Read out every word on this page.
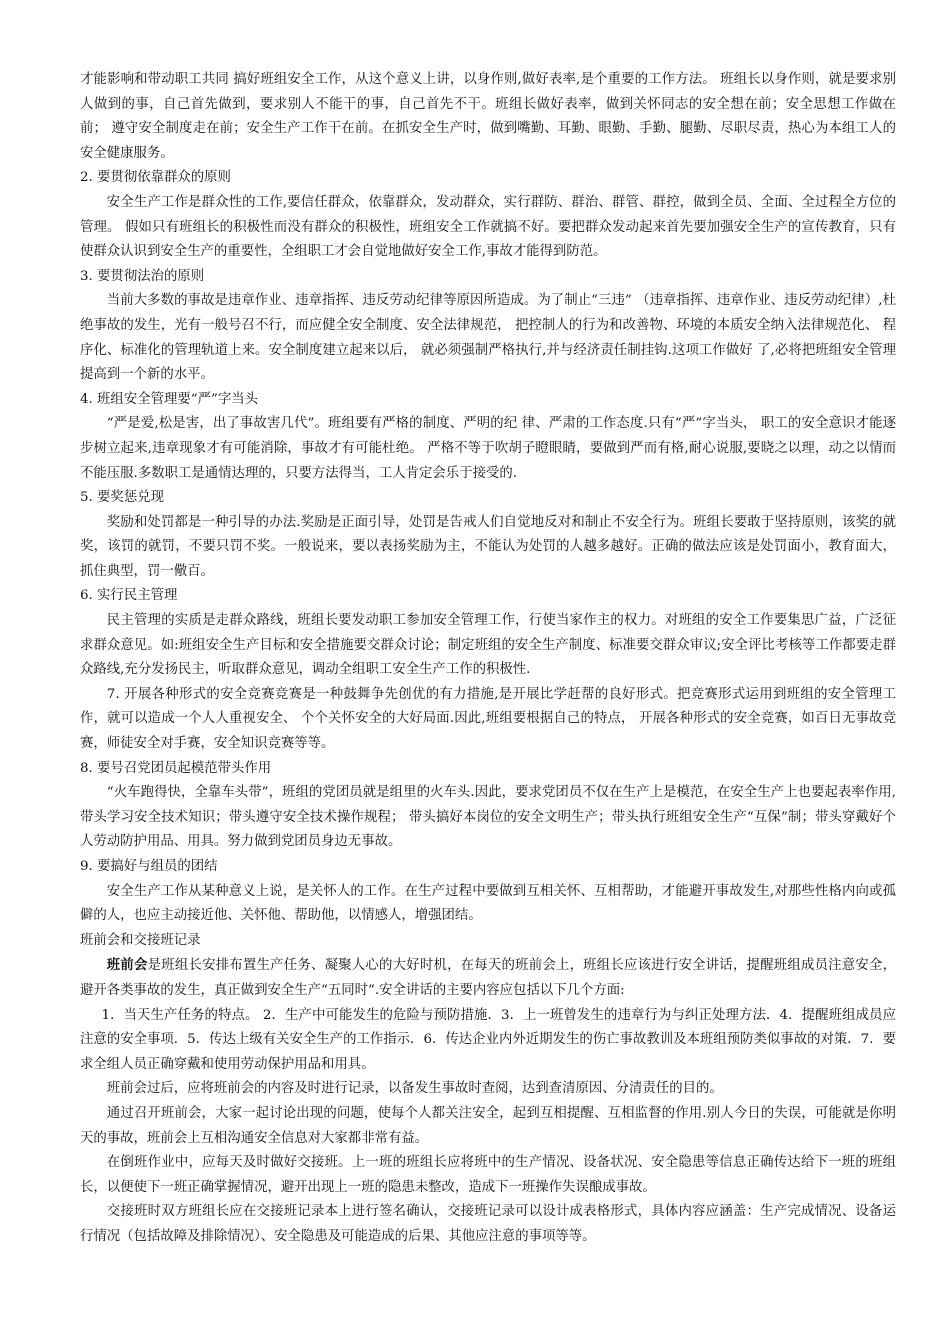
才能影响和带动职工共同 搞好班组安全工作，从这个意义上讲，以身作则,做好表率,是个重要的工作方法。 班组长以身作则，就是要求别人做到的事，自己首先做到，要求别人不能干的事，自己首先不干。班组长做好表率，做到关怀同志的安全想在前；安全思想工作做在前； 遵守安全制度走在前；安全生产工作干在前。在抓安全生产时，做到嘴勤、耳勤、眼勤、手勤、腿勤、尽职尽责，热心为本组工人的安全健康服务。

2. 要贯彻依靠群众的原则

安全生产工作是群众性的工作,要信任群众，依靠群众，发动群众，实行群防、群治、群管、群控，做到全员、全面、全过程全方位的管理。 假如只有班组长的积极性而没有群众的积极性，班组安全工作就搞不好。要把群众发动起来首先要加强安全生产的宣传教育，只有使群众认识到安全生产的重要性，全组职工才会自觉地做好安全工作,事故才能得到防范。

3. 要贯彻法治的原则

当前大多数的事故是违章作业、违章指挥、违反劳动纪律等原因所造成。为了制止“三违” （违章指挥、违章作业、违反劳动纪律）,杜绝事故的发生，光有一般号召不行，而应健全安全制度、安全法律规范， 把控制人的行为和改善物、环境的本质安全纳入法律规范化、 程序化、标准化的管理轨道上来。安全制度建立起来以后， 就必须强制严格执行,并与经济责任制挂钩.这项工作做好 了,必将把班组安全管理提高到一个新的水平。

4. 班组安全管理要“严”字当头

“严是爱,松是害，出了事故害几代”。班组要有严格的制度、严明的纪 律、严肃的工作态度.只有“严”字当头， 职工的安全意识才能逐步树立起来,违章现象才有可能消除，事故才有可能杜绝。 严格不等于吹胡子瞪眼睛，要做到严而有格,耐心说服,要晓之以理，动之以情而不能压服.多数职工是通情达理的，只要方法得当，工人肯定会乐于接受的.

5. 要奖惩兑现

奖励和处罚都是一种引导的办法.奖励是正面引导，处罚是告戒人们自觉地反对和制止不安全行为。班组长要敢于坚持原则，该奖的就奖，该罚的就罚，不要只罚不奖。一般说来，要以表扬奖励为主，不能认为处罚的人越多越好。正确的做法应该是处罚面小，教育面大，抓住典型，罚一儆百。

6. 实行民主管理

民主管理的实质是走群众路线，班组长要发动职工参加安全管理工作，行使当家作主的权力。对班组的安全工作要集思广益，广泛征求群众意见。如:班组安全生产目标和安全措施要交群众讨论；制定班组的安全生产制度、标准要交群众审议;安全评比考核等工作都要走群众路线,充分发扬民主，听取群众意见，调动全组职工安全生产工作的积极性.

7. 开展各种形式的安全竞赛竞赛是一种鼓舞争先创优的有力措施,是开展比学赶帮的良好形式。把竞赛形式运用到班组的安全管理工作，就可以造成一个人人重视安全、 个个关怀安全的大好局面.因此,班组要根据自己的特点， 开展各种形式的安全竞赛，如百日无事故竞赛，师徒安全对手赛，安全知识竞赛等等。

8. 要号召党团员起模范带头作用

“火车跑得快，全靠车头带”，班组的党团员就是组里的火车头.因此，要求党团员不仅在生产上是模范，在安全生产上也要起表率作用,带头学习安全技术知识；带头遵守安全技术操作规程； 带头搞好本岗位的安全文明生产；带头执行班组安全生产“互保”制；带头穿戴好个人劳动防护用品、用具。努力做到党团员身边无事故。

9. 要搞好与组员的团结

安全生产工作从某种意义上说，是关怀人的工作。在生产过程中要做到互相关怀、互相帮助，才能避开事故发生,对那些性格内向或孤僻的人，也应主动接近他、关怀他、帮助他，以情感人，增强团结。

班前会和交接班记录

班前会是班组长安排布置生产任务、凝聚人心的大好时机，在每天的班前会上，班组长应该进行安全讲话，提醒班组成员注意安全，避开各类事故的发生，真正做到安全生产“五同时”.安全讲话的主要内容应包括以下几个方面:

1．当天生产任务的特点。 2．生产中可能发生的危险与预防措施．3．上一班曾发生的违章行为与纠正处理方法．4．提醒班组成员应注意的安全事项．5．传达上级有关安全生产的工作指示．6．传达企业内外近期发生的伤亡事故教训及本班组预防类似事故的对策．7．要求全组人员正确穿戴和使用劳动保护用品和用具。

班前会过后，应将班前会的内容及时进行记录，以备发生事故时查阅，达到查清原因、分清责任的目的。

通过召开班前会，大家一起讨论出现的问题，使每个人都关注安全，起到互相提醒、互相监督的作用.别人今日的失误，可能就是你明天的事故，班前会上互相沟通安全信息对大家都非常有益。

在倒班作业中，应每天及时做好交接班。上一班的班组长应将班中的生产情况、设备状况、安全隐患等信息正确传达给下一班的班组长，以便使下一班正确掌握情况，避开出现上一班的隐患未整改，造成下一班操作失误酿成事故。

交接班时双方班组长应在交接班记录本上进行签名确认，交接班记录可以设计成表格形式，具体内容应涵盖：生产完成情况、设备运行情况（包括故障及排除情况）、安全隐患及可能造成的后果、其他应注意的事项等等。
